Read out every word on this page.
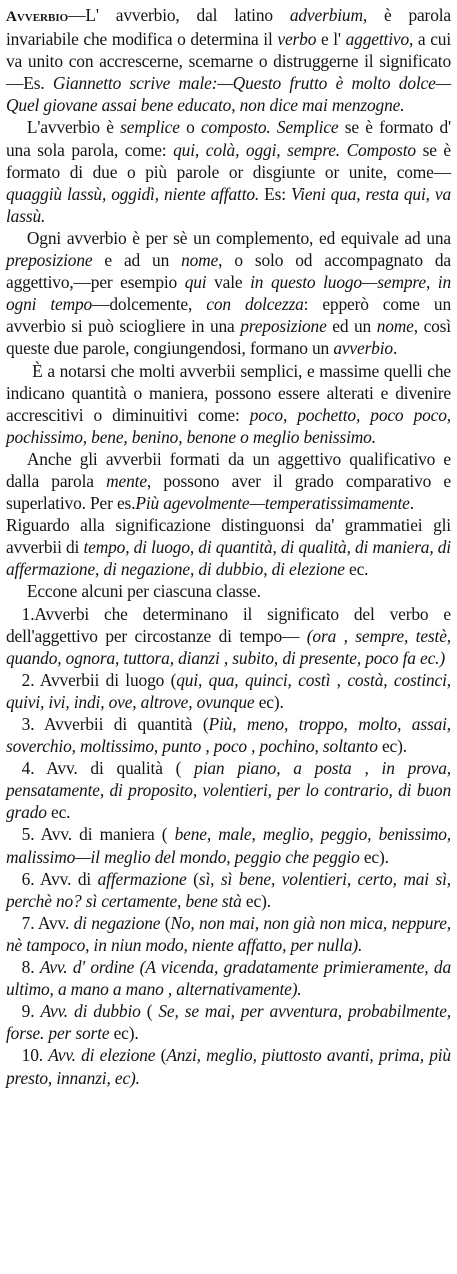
Avverbio—L' avverbio, dal latino adverbium, è parola invariabile che modifica o determina il verbo e l' aggettivo, a cui va unito con accrescerne, scemarne o distruggerne il significato—Es. Giannetto scrive male:—Questo frutto è molto dolce—Quel giovane assai bene educato, non dice mai menzogne.

L'avverbio è semplice o composto. Semplice se è formato d' una sola parola, come: qui, colà, oggi, sempre. Composto se è formato di due o più parole or disgiunte or unite, come—quaggiù lassù, oggidì, niente affatto. Es: Vieni qua, resta qui, va lassù.

Ogni avverbio è per sè un complemento, ed equivale ad una preposizione e ad un nome, o solo od accompagnato da aggettivo,—per esempio qui vale in questo luogo—sempre, in ogni tempo—dolcemente, con dolcezza: epperò come un avverbio si può sciogliere in una preposizione ed un nome, così queste due parole, congiungendosi, formano un avverbio.

È a notarsi che molti avverbii semplici, e massime quelli che indicano quantità o maniera, possono essere alterati e divenire accrescitivi o diminuitivi come: poco, pochetto, poco poco, pochissimo, bene, benino, benone o meglio benissimo.

Anche gli avverbii formati da un aggettivo qualificativo e dalla parola mente, possono aver il grado comparativo e superlativo. Per es.Più agevolmente—temperatissimamente.

Riguardo alla significazione distinguonsi da' grammatiei gli avverbii di tempo, di luogo, di quantità, di qualità, di maniera, di affermazione, di negazione, di dubbio, di elezione ec.

Eccone alcuni per ciascuna classe.

1.Avverbi che determinano il significato del verbo e dell'aggettivo per circostanze di tempo— (ora , sempre, testè, quando, ognora, tuttora, dianzi , subito, di presente, poco fa ec.)

2. Avverbii di luogo (qui, qua, quinci, costì , costà, costinci, quivi, ivi, indi, ove, altrove, ovunque ec).

3. Avverbii di quantità (Più, meno, troppo, molto, assai, soverchio, moltissimo, punto , poco , pochino, soltanto ec).

4. Avv. di qualità ( pian piano, a posta , in prova, pensatamente, di proposito, volentieri, per lo contrario, di buon grado ec.

5. Avv. di maniera ( bene, male, meglio, peggio, benissimo, malissimo—il meglio del mondo, peggio che peggio ec).

6. Avv. di affermazione (sì, sì bene, volentieri, certo, mai sì, perchè no? sì certamente, bene stà ec).

7. Avv. di negazione (No, non mai, non già non mica, neppure, nè tampoco, in niun modo, niente affatto, per nulla).

8. Avv. d' ordine (A vicenda, gradatamente primieramente, da ultimo, a mano a mano , alternativamente).

9. Avv. di dubbio ( Se, se mai, per avventura, probabilmente, forse. per sorte ec).

10. Avv. di elezione (Anzi, meglio, piuttosto avanti, prima, più presto, innanzi, ec).
